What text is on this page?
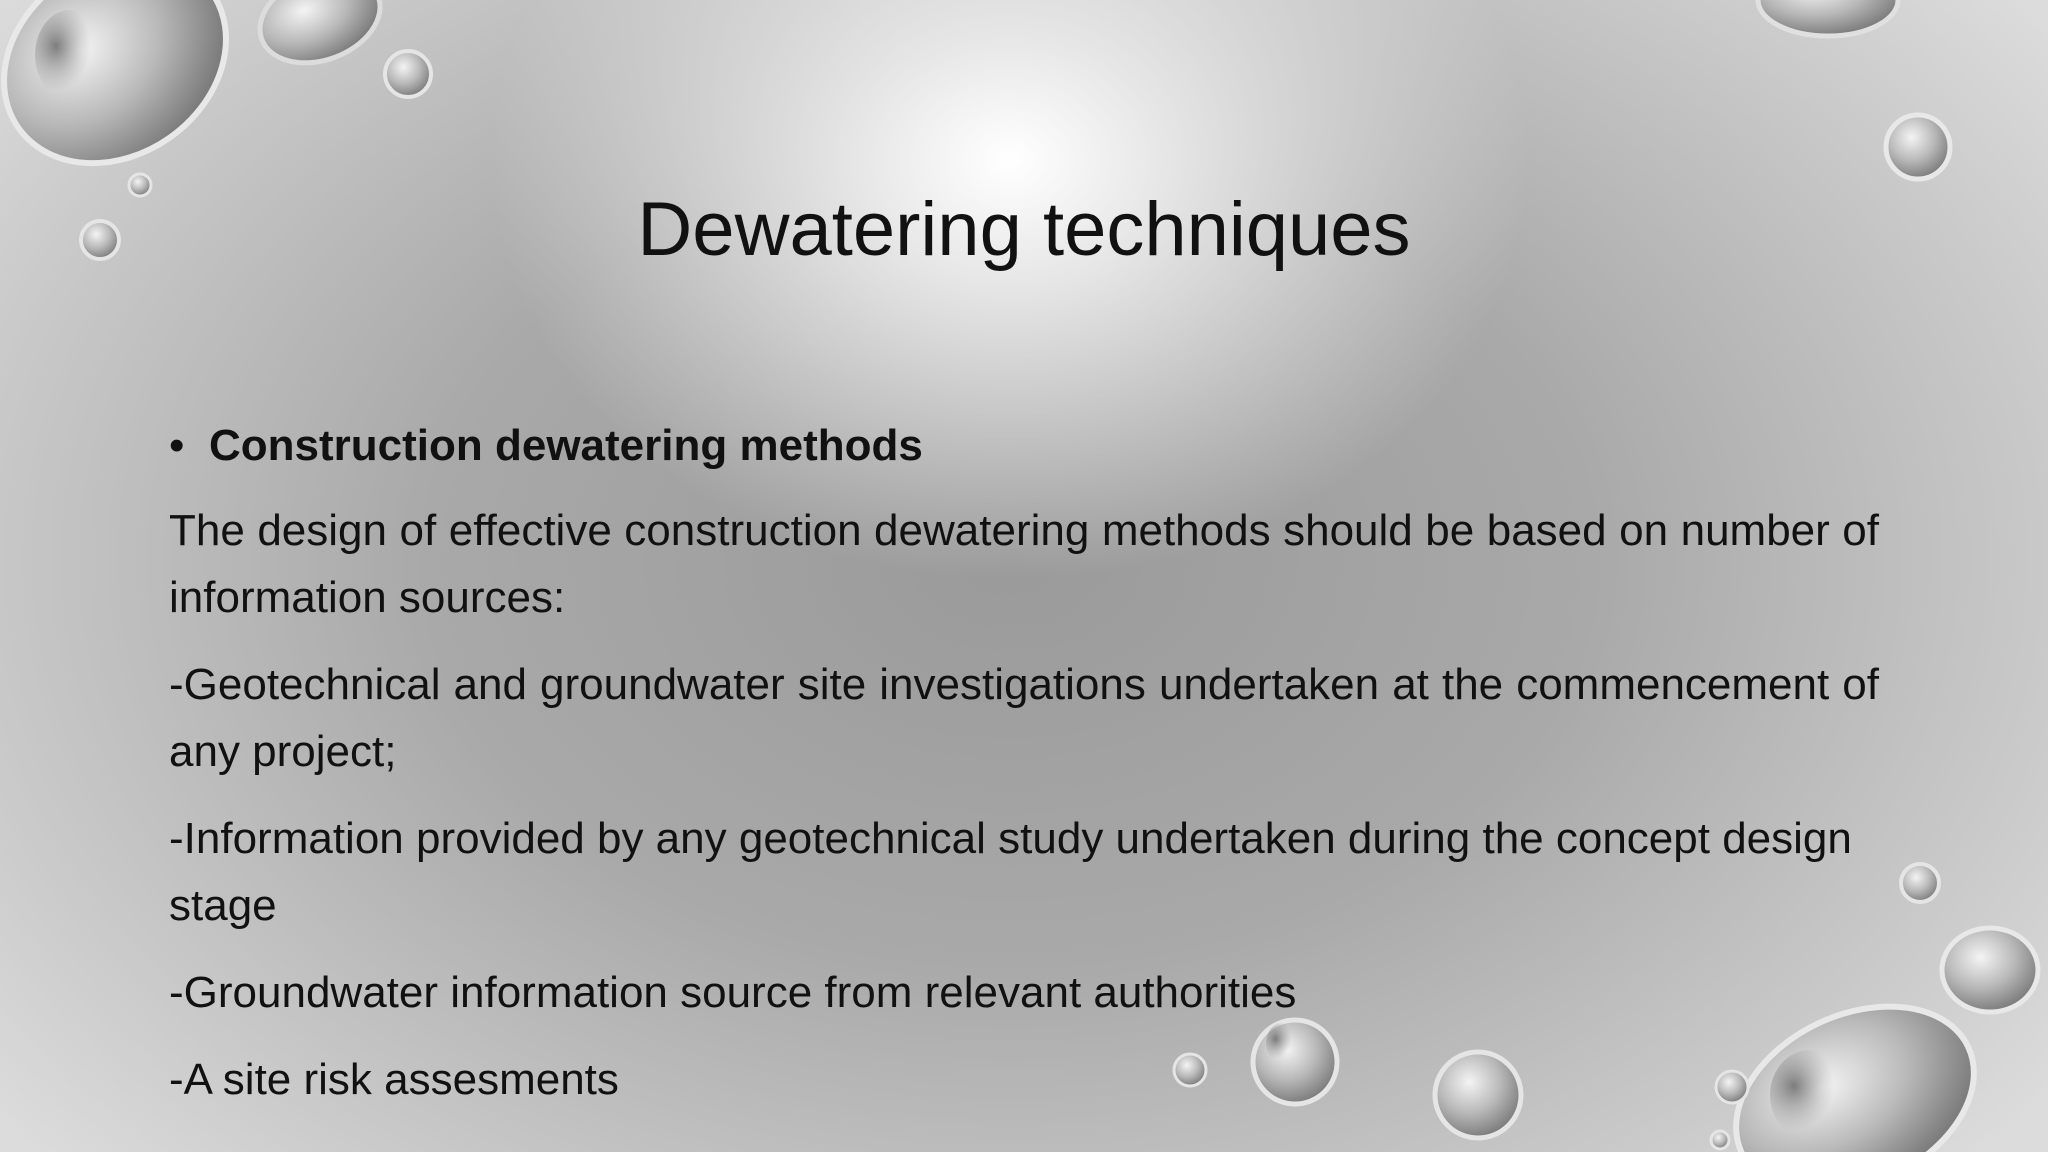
Dewatering techniques
• Construction dewatering methods

The design of effective construction dewatering methods should be based on number of information sources:

-Geotechnical and groundwater site investigations undertaken at the commencement of any project;

-Information provided by any geotechnical study undertaken during the concept design stage

-Groundwater information source from relevant authorities

-A site risk assesments
